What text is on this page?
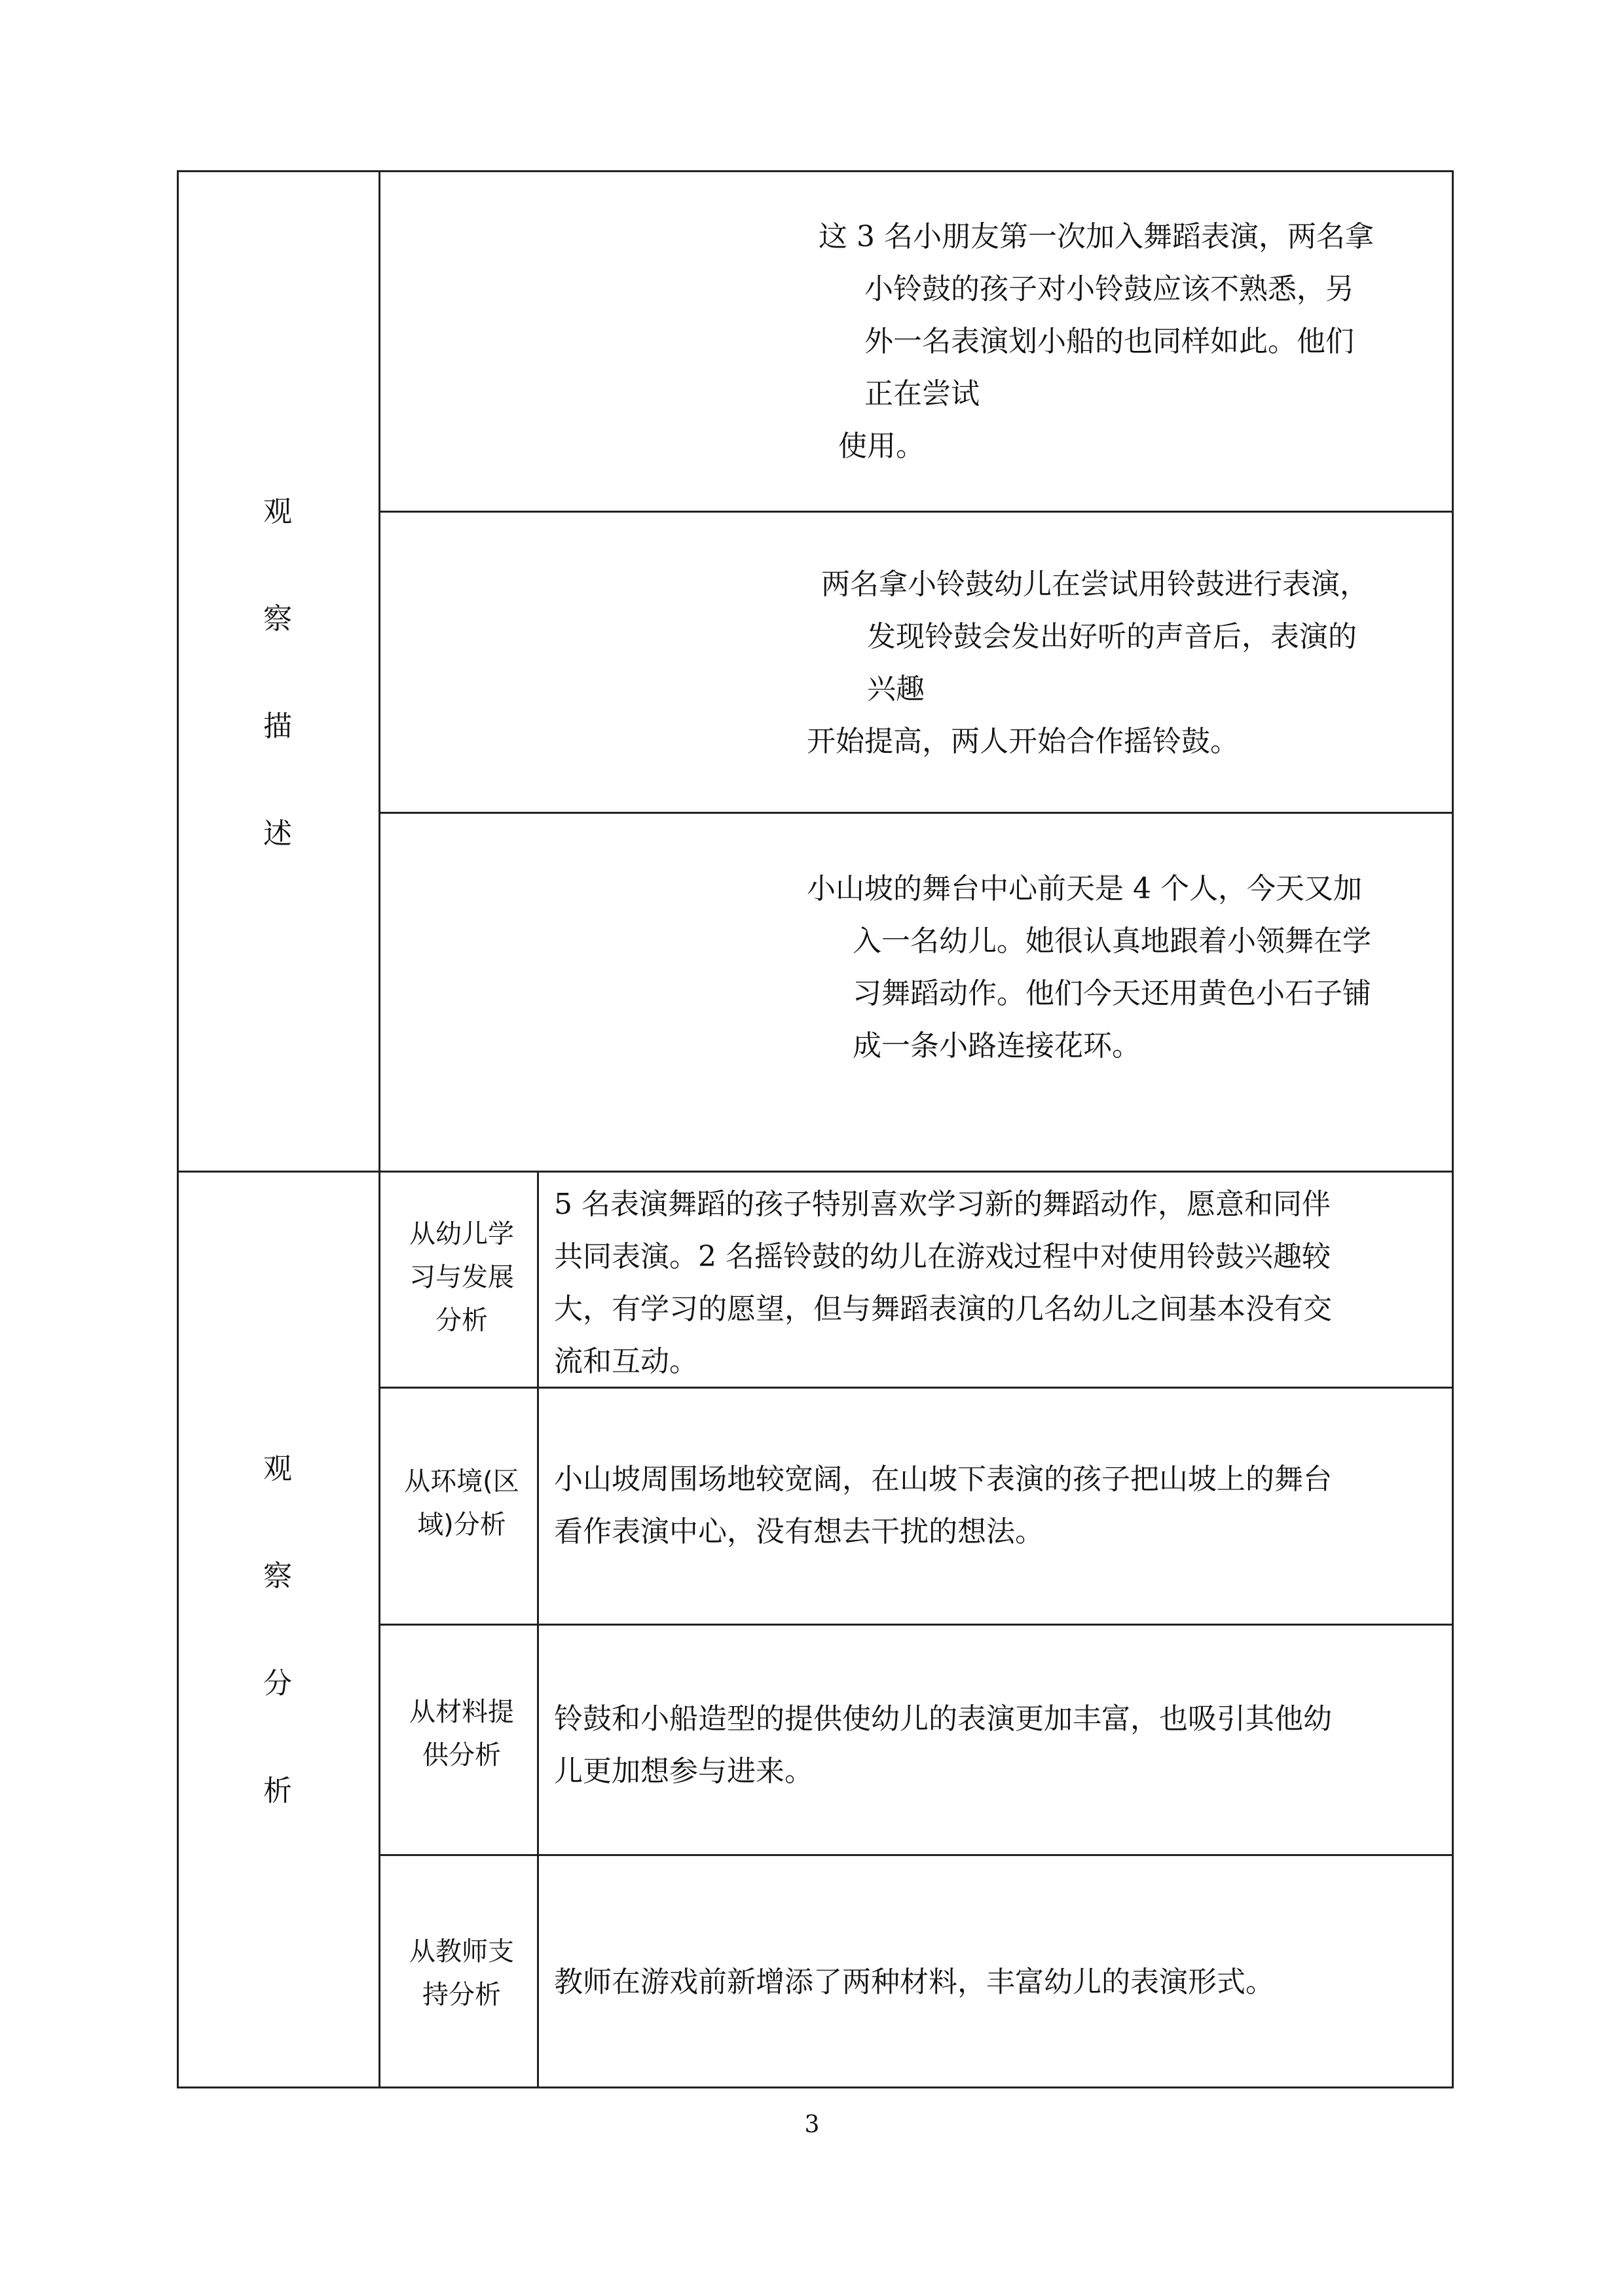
观
察
描
述
这 3 名小朋友第一次加入舞蹈表演，两名拿
小铃鼓的孩子对小铃鼓应该不熟悉，另
外一名表演划小船的也同样如此。他们
正在尝试
使用。
两名拿小铃鼓幼儿在尝试用铃鼓进行表演，
发现铃鼓会发出好听的声音后，表演的
兴趣
开始提高，两人开始合作摇铃鼓。
小山坡的舞台中心前天是 4 个人，今天又加
入一名幼儿。她很认真地跟着小领舞在学
习舞蹈动作。他们今天还用黄色小石子铺
成一条小路连接花环。
观
察
分
析
从幼儿学
习与发展
分析
5 名表演舞蹈的孩子特别喜欢学习新的舞蹈动作，愿意和同伴
共同表演。2 名摇铃鼓的幼儿在游戏过程中对使用铃鼓兴趣较
大，有学习的愿望，但与舞蹈表演的几名幼儿之间基本没有交
流和互动。
从环境(区
域)分析
小山坡周围场地较宽阔，在山坡下表演的孩子把山坡上的舞台
看作表演中心，没有想去干扰的想法。
从材料提
供分析
铃鼓和小船造型的提供使幼儿的表演更加丰富，也吸引其他幼
儿更加想参与进来。
从教师支
持分析	教师在游戏前新增添了两种材料，丰富幼儿的表演形式。
3
